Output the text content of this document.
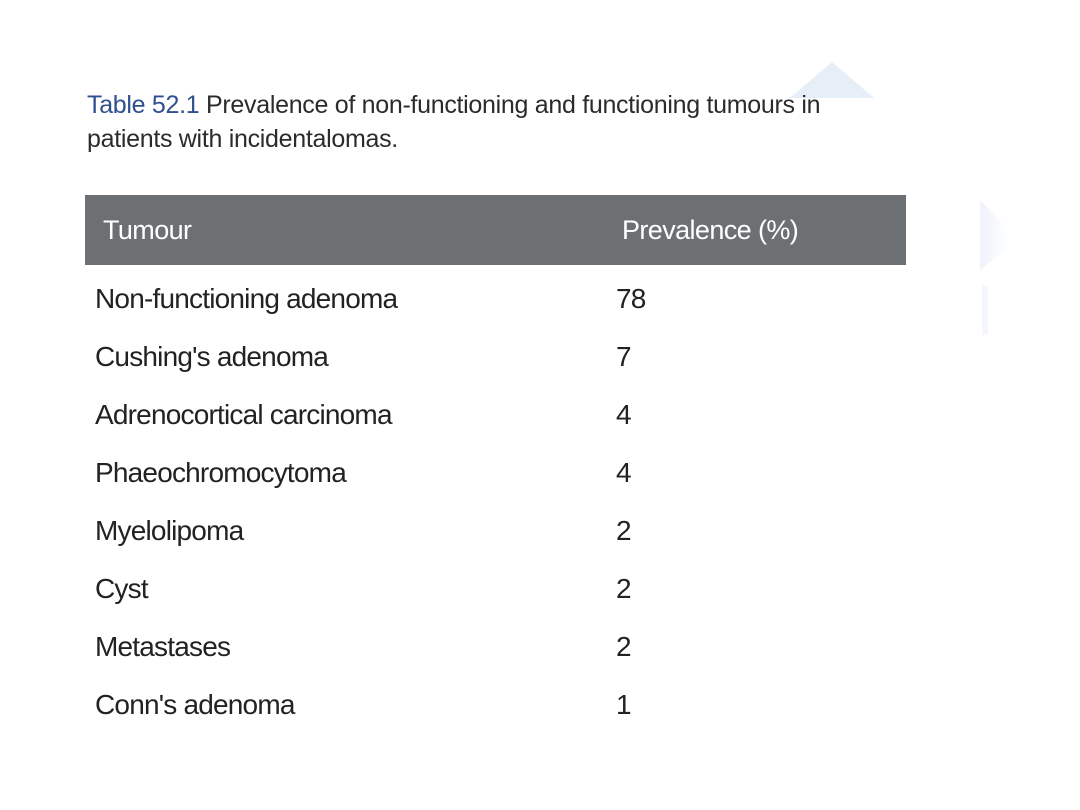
Table 52.1 Prevalence of non-functioning and functioning tumours in patients with incidentalomas.
Tumour	Prevalence (%)
Non-functioning adenoma	78
Cushing's adenoma	7
Adrenocortical carcinoma	4
Phaeochromocytoma	4
Myelolipoma	2
Cyst	2
Metastases	2
Conn's adenoma	1
